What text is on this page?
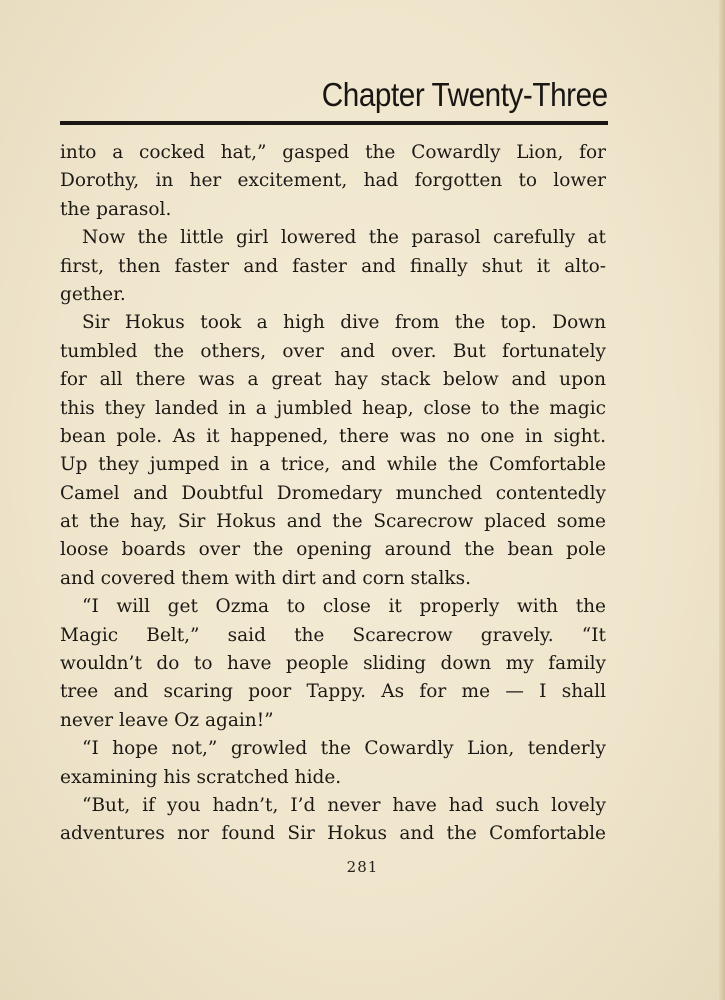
Chapter Twenty-Three
into a cocked hat,” gasped the Cowardly Lion, for
Dorothy, in her excitement, had forgotten to lower
the parasol.
Now the little girl lowered the parasol carefully at
first, then faster and faster and finally shut it alto-
gether.
Sir Hokus took a high dive from the top. Down
tumbled the others, over and over. But fortunately
for all there was a great hay stack below and upon
this they landed in a jumbled heap, close to the magic
bean pole. As it happened, there was no one in sight.
Up they jumped in a trice, and while the Comfortable
Camel and Doubtful Dromedary munched contentedly
at the hay, Sir Hokus and the Scarecrow placed some
loose boards over the opening around the bean pole
and covered them with dirt and corn stalks.
“I will get Ozma to close it properly with the
Magic Belt,” said the Scarecrow gravely. “It
wouldn’t do to have people sliding down my family
tree and scaring poor Tappy. As for me — I shall
never leave Oz again!”
“I hope not,” growled the Cowardly Lion, tenderly
examining his scratched hide.
“But, if you hadn’t, I’d never have had such lovely
adventures nor found Sir Hokus and the Comfortable
281
